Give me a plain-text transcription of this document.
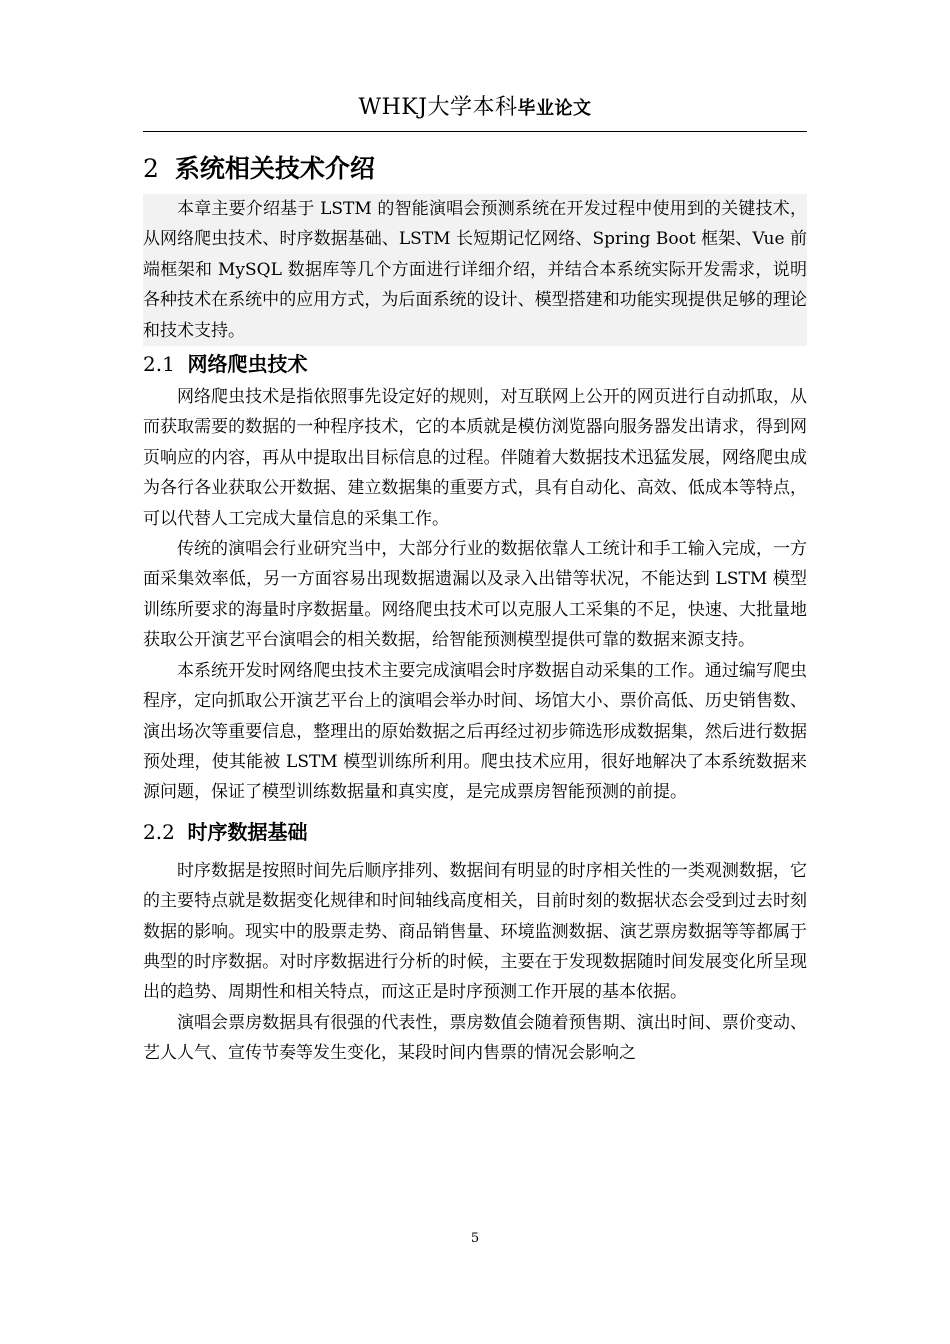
WHKJ大学本科毕业论文
2 系统相关技术介绍

本章主要介绍基于 LSTM 的智能演唱会预测系统在开发过程中使用到的关键技术，从网络爬虫技术、时序数据基础、LSTM 长短期记忆网络、Spring Boot 框架、Vue 前端框架和 MySQL 数据库等几个方面进行详细介绍，并结合本系统实际开发需求，说明各种技术在系统中的应用方式，为后面系统的设计、模型搭建和功能实现提供足够的理论和技术支持。

2.1 网络爬虫技术

网络爬虫技术是指依照事先设定好的规则，对互联网上公开的网页进行自动抓取，从而获取需要的数据的一种程序技术，它的本质就是模仿浏览器向服务器发出请求，得到网页响应的内容，再从中提取出目标信息的过程。伴随着大数据技术迅猛发展，网络爬虫成为各行各业获取公开数据、建立数据集的重要方式，具有自动化、高效、低成本等特点，可以代替人工完成大量信息的采集工作。

传统的演唱会行业研究当中，大部分行业的数据依靠人工统计和手工输入完成，一方面采集效率低，另一方面容易出现数据遗漏以及录入出错等状况，不能达到 LSTM 模型训练所要求的海量时序数据量。网络爬虫技术可以克服人工采集的不足，快速、大批量地获取公开演艺平台演唱会的相关数据，给智能预测模型提供可靠的数据来源支持。

本系统开发时网络爬虫技术主要完成演唱会时序数据自动采集的工作。通过编写爬虫程序，定向抓取公开演艺平台上的演唱会举办时间、场馆大小、票价高低、历史销售数、演出场次等重要信息，整理出的原始数据之后再经过初步筛选形成数据集，然后进行数据预处理，使其能被 LSTM 模型训练所利用。爬虫技术应用，很好地解决了本系统数据来源问题，保证了模型训练数据量和真实度，是完成票房智能预测的前提。

2.2 时序数据基础

时序数据是按照时间先后顺序排列、数据间有明显的时序相关性的一类观测数据，它的主要特点就是数据变化规律和时间轴线高度相关，目前时刻的数据状态会受到过去时刻数据的影响。现实中的股票走势、商品销售量、环境监测数据、演艺票房数据等等都属于典型的时序数据。对时序数据进行分析的时候，主要在于发现数据随时间发展变化所呈现出的趋势、周期性和相关特点，而这正是时序预测工作开展的基本依据。

演唱会票房数据具有很强的代表性，票房数值会随着预售期、演出时间、票价变动、艺人人气、宣传节奏等发生变化，某段时间内售票的情况会影响之

5
